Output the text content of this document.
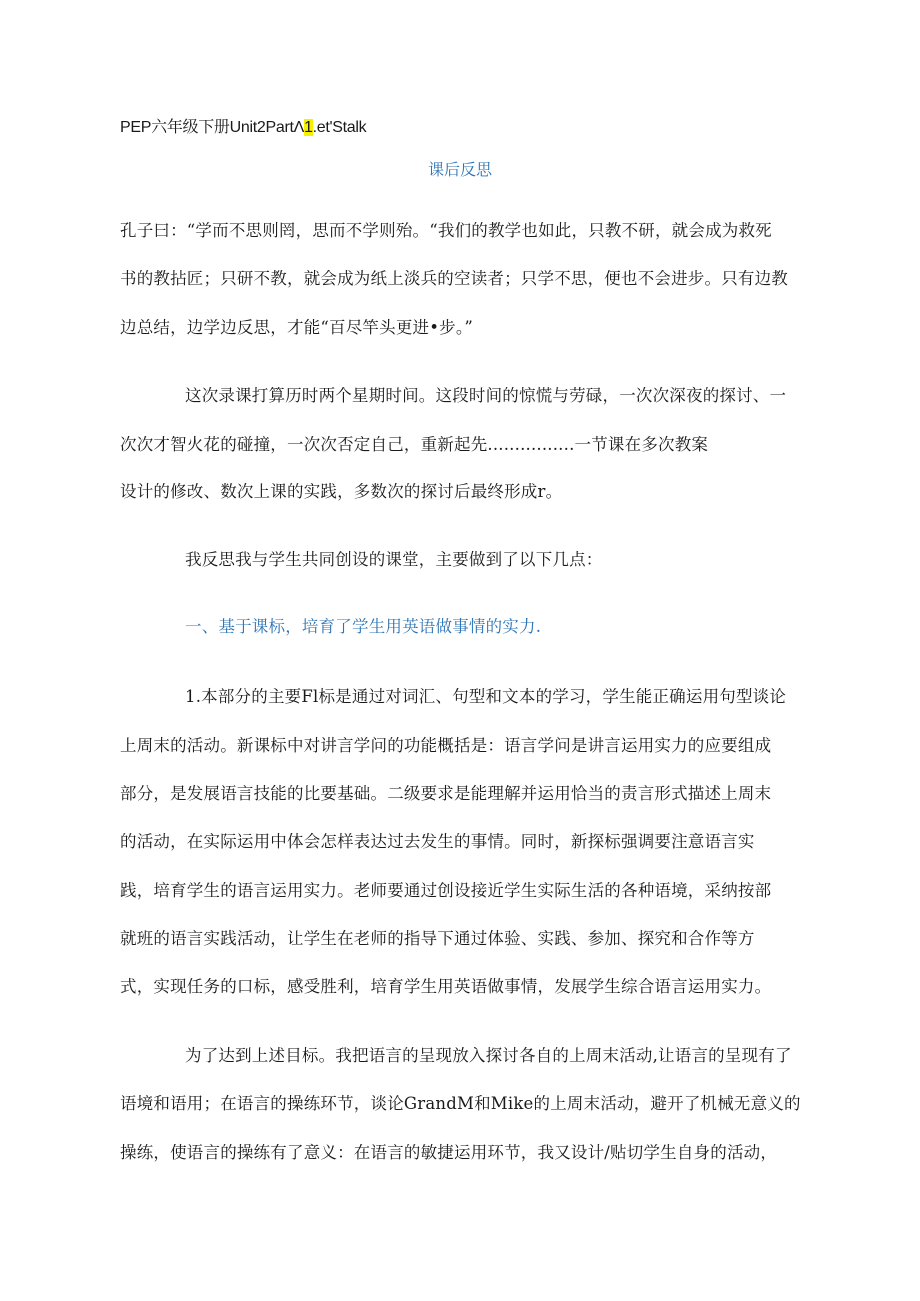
PEP六年级下册Unit2PartΛ1.et'Stalk
课后反思
孔子曰：“学而不思则罔，思而不学则殆。“我们的教学也如此，只教不研，就会成为救死
书的教拈匠；只研不教，就会成为纸上淡兵的空读者；只学不思，便也不会进步。只有边教
边总结，边学边反思，才能“百尽竿头更进•步。”
这次录课打算历时两个星期时间。这段时间的惊慌与劳碌，一次次深夜的探讨、一
次次才智火花的碰撞，一次次否定自己，重新起先................一节课在多次教案
设计的修改、数次上课的实践，多数次的探讨后最终形成r。
我反思我与学生共同创设的课堂，主要做到了以下几点：
一、基于课标，培育了学生用英语做事情的实力.
1.本部分的主要Fl标是通过对词汇、句型和文本的学习，学生能正确运用句型谈论
上周末的活动。新课标中对讲言学问的功能概括是：语言学问是讲言运用实力的应要组成
部分，是发展语言技能的比要基础。二级要求是能理解并运用恰当的责言形式描述上周末
的活动，在实际运用中体会怎样表达过去发生的事情。同时，新探标强调要注意语言实
践，培育学生的语言运用实力。老师要通过创设接近学生实际生活的各种语境，采纳按部
就班的语言实践活动，让学生在老师的指导下通过体验、实践、参加、探究和合作等方
式，实现任务的口标，感受胜利，培育学生用英语做事情，发展学生综合语言运用实力。
为了达到上述目标。我把语言的呈现放入探讨各自的上周末活动,让语言的呈现有了
语境和语用；在语言的操练环节，谈论GrandM和Mike的上周末活动，避开了机械无意义的
操练，使语言的操练有了意义：在语言的敏捷运用环节，我又设计/贴切学生自身的活动，
